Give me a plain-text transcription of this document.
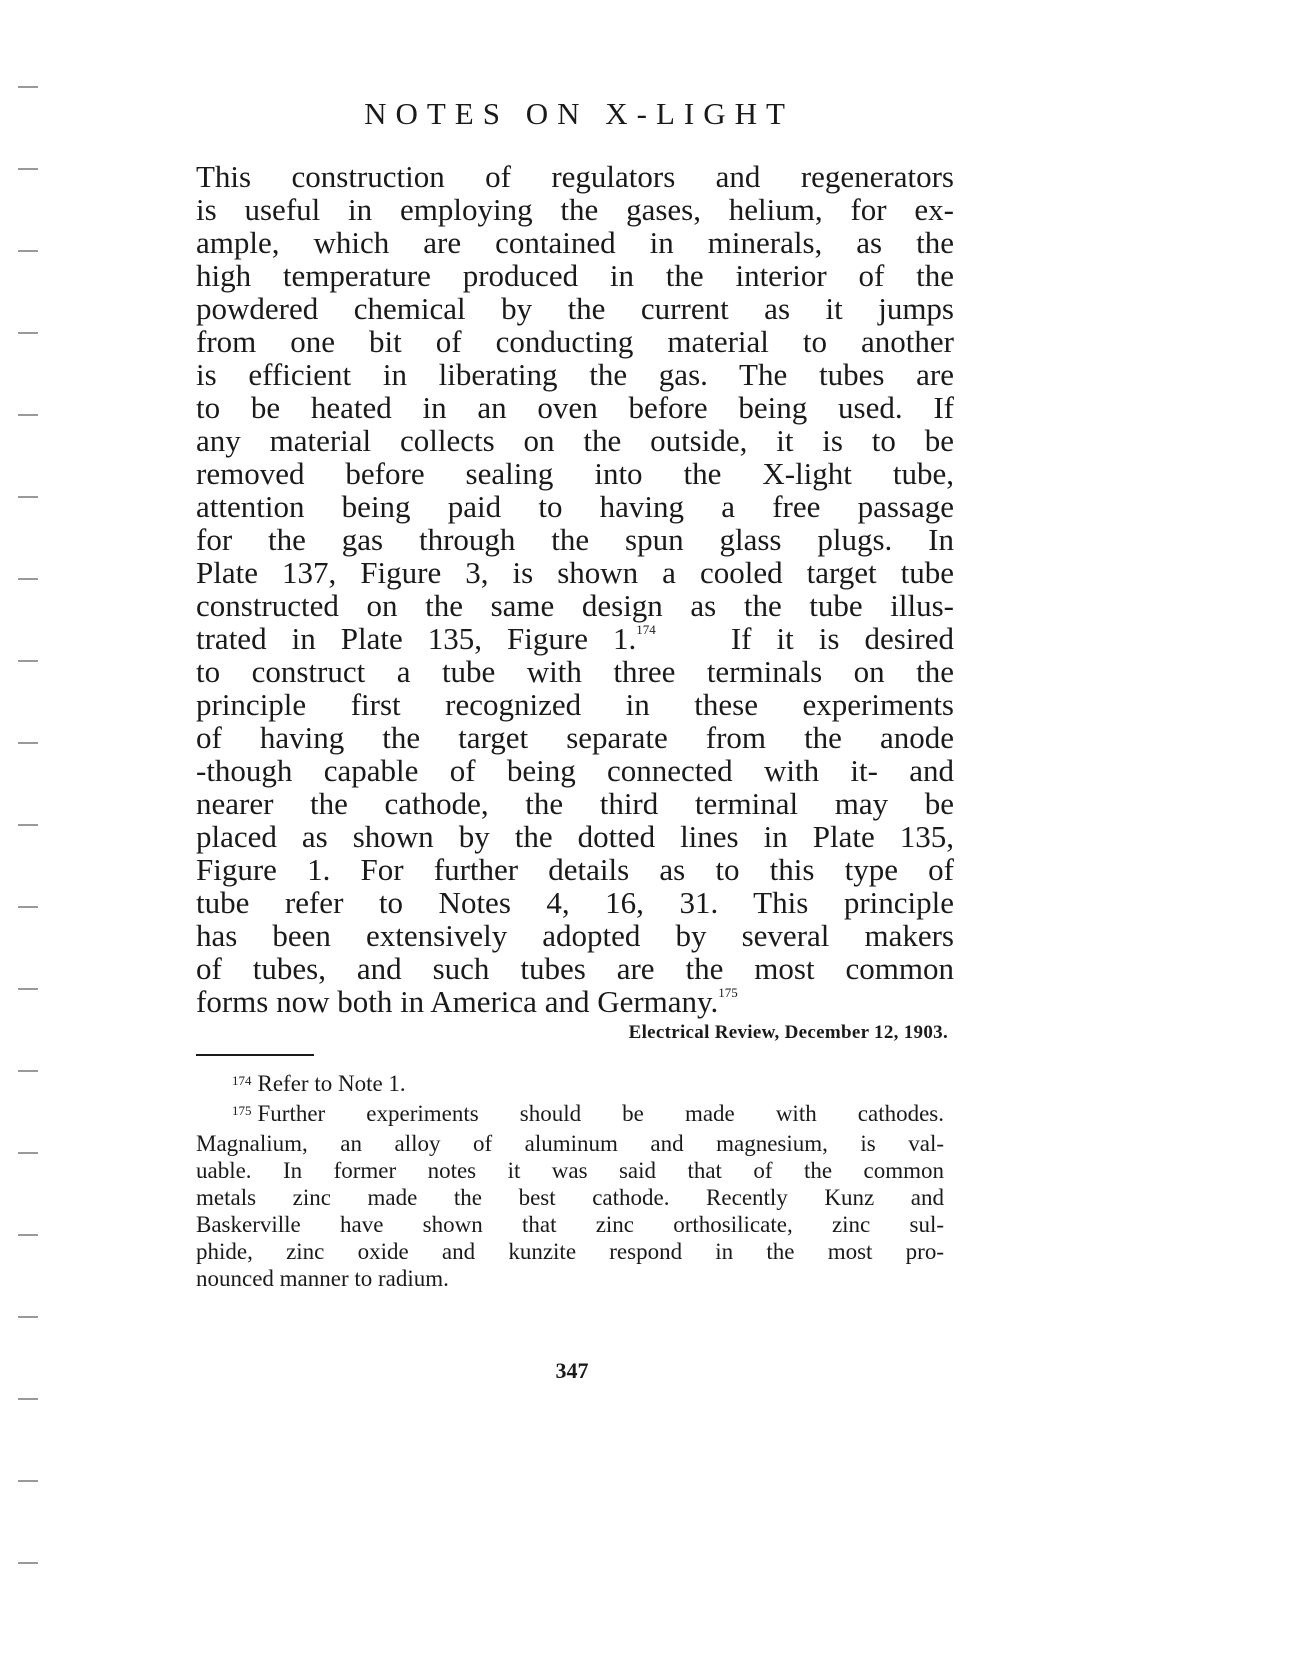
NOTES ON X-LIGHT
This construction of regulators and regenerators
is useful in employing the gases, helium, for ex-
ample, which are contained in minerals, as the
high temperature produced in the interior of the
powdered chemical by the current as it jumps
from one bit of conducting material to another
is efficient in liberating the gas. The tubes are
to be heated in an oven before being used. If
any material collects on the outside, it is to be
removed before sealing into the X-light tube,
attention being paid to having a free passage
for the gas through the spun glass plugs. In
Plate 137, Figure 3, is shown a cooled target tube
constructed on the same design as the tube illus-
trated in Plate 135, Figure 1.$^{174}$ If it is desired
to construct a tube with three terminals on the
principle first recognized in these experiments
of having the target separate from the anode
-though capable of being connected with it- and
nearer the cathode, the third terminal may be
placed as shown by the dotted lines in Plate 135,
Figure 1. For further details as to this type of
tube refer to Notes 4, 16, 31. This principle
has been extensively adopted by several makers
of tubes, and such tubes are the most common
forms now both in America and Germany.$^{175}$
Electrical Review, December 12, 1903.
$^{174}$ Refer to Note 1.
$^{175}$ Further experiments should be made with cathodes.
Magnalium, an alloy of aluminum and magnesium, is val-
uable. In former notes it was said that of the common
metals zinc made the best cathode. Recently Kunz and
Baskerville have shown that zinc orthosilicate, zinc sul-
phide, zinc oxide and kunzite respond in the most pro-
nounced manner to radium.
347
